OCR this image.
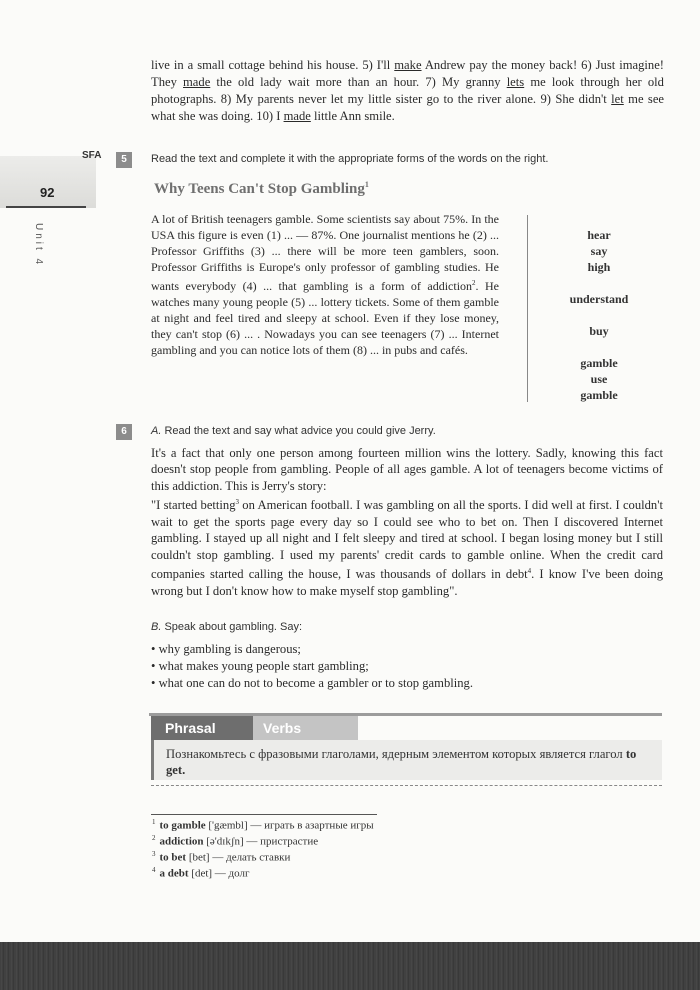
live in a small cottage behind his house. 5) I'll make Andrew pay the money back! 6) Just imagine! They made the old lady wait more than an hour. 7) My granny lets me look through her old photographs. 8) My parents never let my little sister go to the river alone. 9) She didn't let me see what she was doing. 10) I made little Ann smile.
92
Unit 4
SFA	5	Read the text and complete it with the appropriate forms of the words on the right.
Why Teens Can't Stop Gambling$^1$
A lot of British teenagers gamble. Some scientists say about 75%. In the USA this figure is even (1) ... — 87%. One journalist mentions he (2) ... Professor Griffiths (3) ... there will be more teen gamblers, soon. Professor Griffiths is Europe's only professor of gambling studies. He wants everybody (4) ... that gambling is a form of addiction$^2$. He watches many young people (5) ... lottery tickets. Some of them gamble at night and feel tired and sleepy at school. Even if they lose money, they can't stop (6) ... . Nowadays you can see teenagers (7) ... Internet gambling and you can notice lots of them (8) ... in pubs and cafés.
hear
say
high
understand
buy
gamble
use
gamble
6	A. Read the text and say what advice you could give Jerry.
It's a fact that only one person among fourteen million wins the lottery. Sadly, knowing this fact doesn't stop people from gambling. People of all ages gamble. A lot of teenagers become victims of this addiction. This is Jerry's story:
"I started betting$^3$ on American football. I was gambling on all the sports. I did well at first. I couldn't wait to get the sports page every day so I could see who to bet on. Then I discovered Internet gambling. I stayed up all night and I felt sleepy and tired at school. I began losing money but I still couldn't stop gambling. I used my parents' credit cards to gamble online. When the credit card companies started calling the house, I was thousands of dollars in debt$^4$. I know I've been doing wrong but I don't know how to make myself stop gambling".
B. Speak about gambling. Say:
• why gambling is dangerous;
• what makes young people start gambling;
• what one can do not to become a gambler or to stop gambling.
Phrasal	Verbs
Познакомьтесь с фразовыми глаголами, ядерным элементом которых является глагол to get.
$^1$ to gamble ['gæmbl] — играть в азартные игры
$^2$ addiction [ə'dɪkʃn] — пристрастие
$^3$ to bet [bet] — делать ставки
$^4$ a debt [det] — долг
